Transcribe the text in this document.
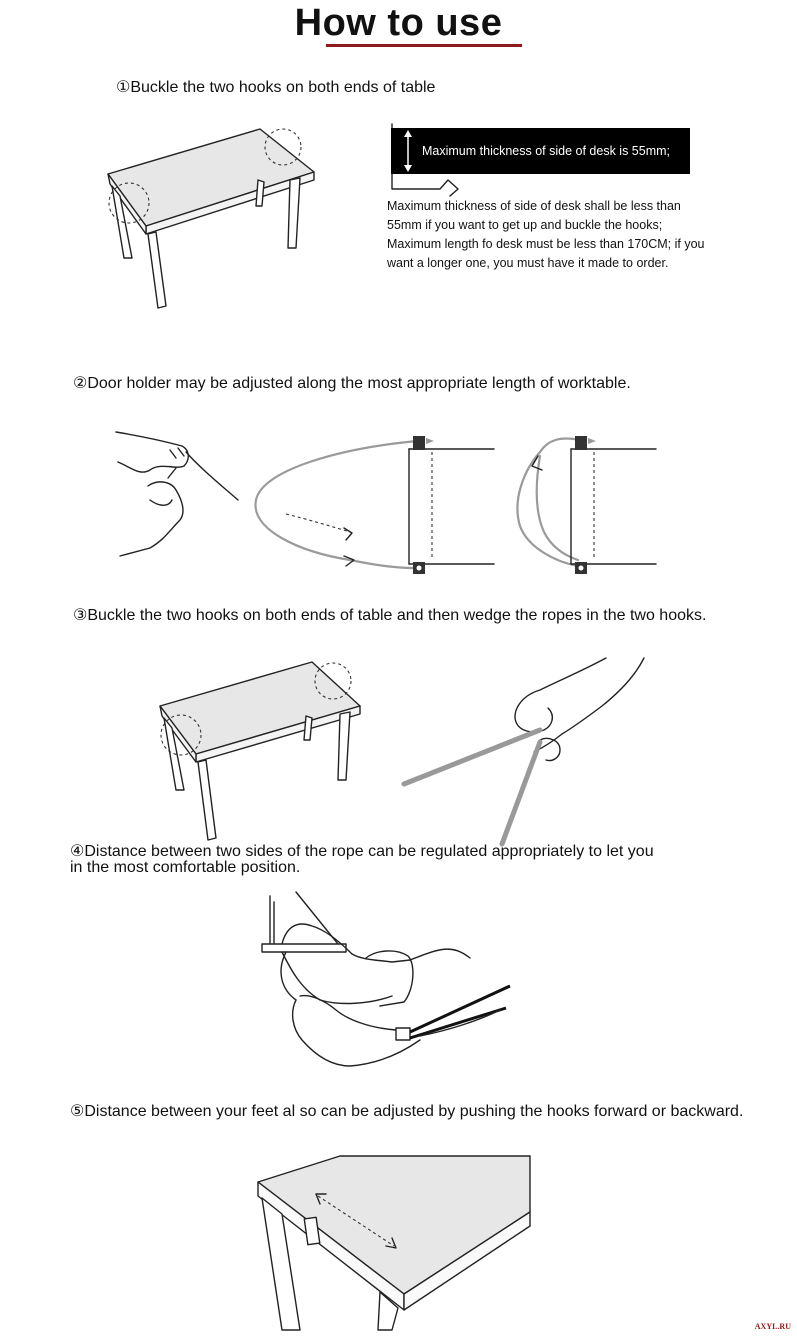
How to use
①Buckle the two hooks on both ends of table
Maximum thickness of side of desk is 55mm;
Maximum thickness of side of desk shall be less than 55mm if you want to get up and buckle the hooks; Maximum length fo desk must be less than 170CM; if you want a longer one, you must have it made to order.
②Door holder may be adjusted along the most appropriate length of worktable.
③Buckle the two hooks on both ends of table and then wedge the ropes in the two hooks.
④Distance between two sides of the rope can be regulated appropriately to let you
in the most comfortable position.
⑤Distance between your feet al so can be adjusted by pushing the hooks forward or backward.
AXYL.RU
